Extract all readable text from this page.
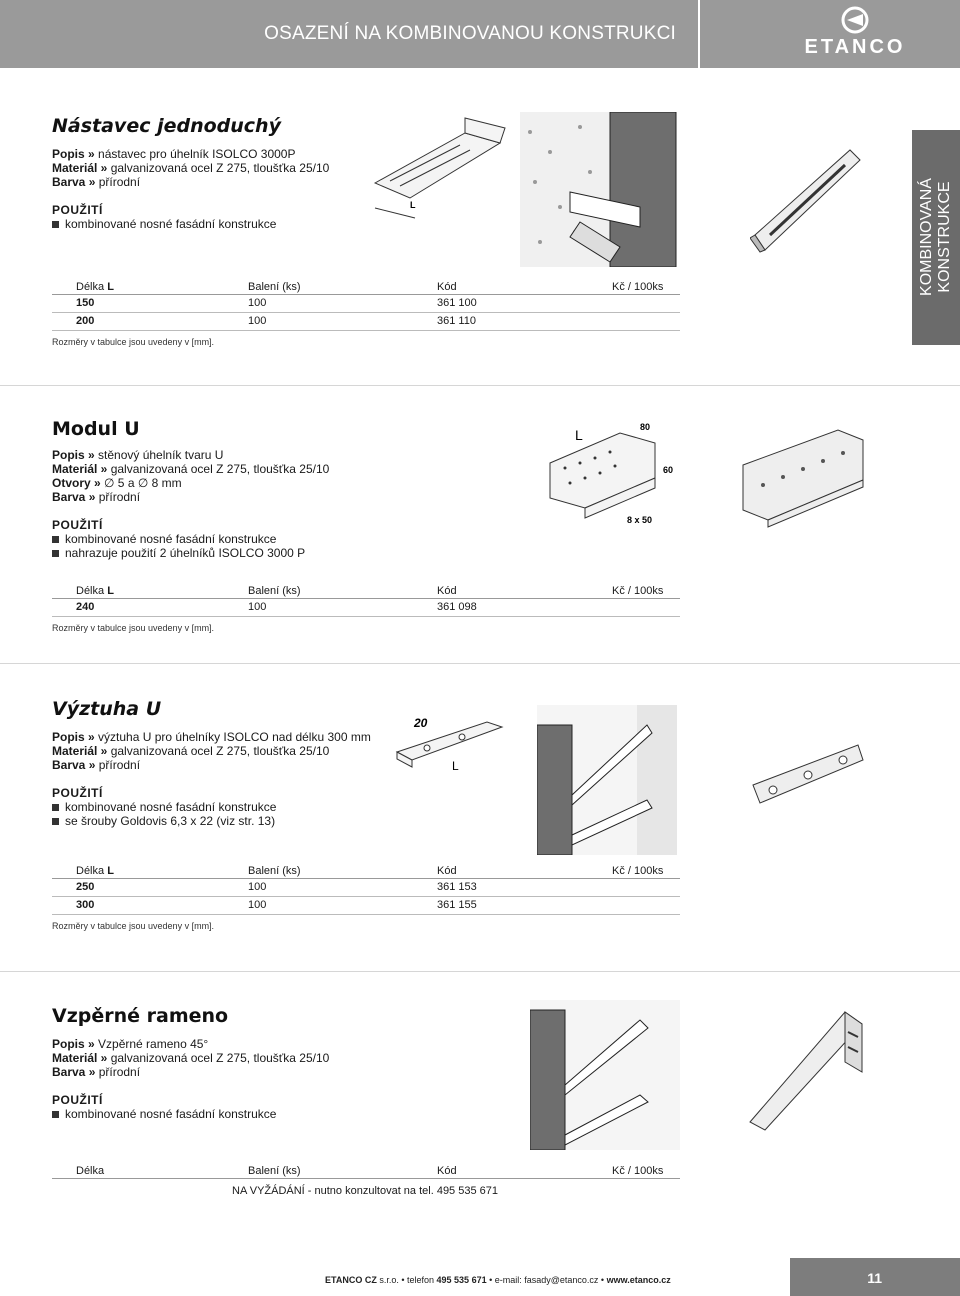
OSAZENÍ NA KOMBINOVANOU KONSTRUKCI
ETANCO
KOMBINOVANÁ
KONSTRUKCE
Nástavec jednoduchý
Popis » nástavec pro úhelník ISOLCO 3000P
Materiál » galvanizovaná ocel Z 275, tloušťka 25/10
Barva » přírodní
POUŽITÍ
kombinované nosné fasádní konstrukce
L
Délka L	Balení (ks)	Kód	Kč / 100ks
150	100	361 100
200	100	361 110
Rozměry v tabulce jsou uvedeny v [mm].
Modul U
Popis » stěnový úhelník tvaru U
Materiál » galvanizovaná ocel Z 275, tloušťka 25/10
Otvory » ∅ 5 a ∅ 8 mm
Barva » přírodní
POUŽITÍ
kombinované nosné fasádní konstrukce
nahrazuje použití 2 úhelníků ISOLCO 3000 P
L	80
60
8 x 50
Délka L	Balení (ks)	Kód	Kč / 100ks
240	100	361 098
Rozměry v tabulce jsou uvedeny v [mm].
Výztuha U
Popis » výztuha U pro úhelníky ISOLCO nad délku 300 mm
Materiál » galvanizovaná ocel Z 275, tloušťka 25/10
Barva » přírodní
POUŽITÍ
kombinované nosné fasádní konstrukce
se šrouby Goldovis 6,3 x 22 (viz str. 13)
20
L
Délka L	Balení (ks)	Kód	Kč / 100ks
250	100	361 153
300	100	361 155
Rozměry v tabulce jsou uvedeny v [mm].
Vzpěrné rameno
Popis » Vzpěrné rameno 45°
Materiál » galvanizovaná ocel Z 275, tloušťka 25/10
Barva » přírodní
POUŽITÍ
kombinované nosné fasádní konstrukce
Délka	Balení (ks)	Kód	Kč / 100ks
NA VYŽÁDÁNÍ - nutno konzultovat na tel. 495 535 671
ETANCO CZ s.r.o. • telefon 495 535 671 • e-mail: fasady@etanco.cz • www.etanco.cz	11
